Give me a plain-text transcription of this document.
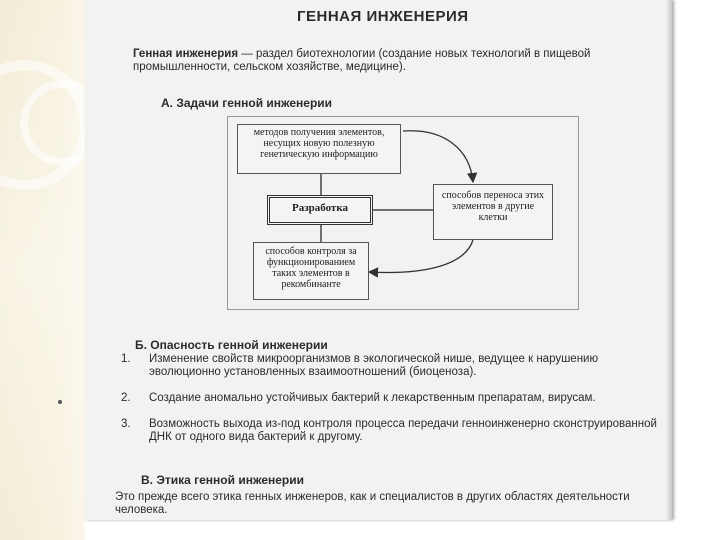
.
ГЕННАЯ ИНЖЕНЕРИЯ
Генная инженерия — раздел биотехнологии (создание новых технологий в пищевой промышленности, сельском хозяйстве, медицине).
А. Задачи генной инженерии
методов получения элементов, несущих новую полезную генетическую информацию
Разработка
способов переноса этих элементов в другие клетки
способов контроля за функционированием таких элементов в рекомбинанте
Б. Опасность генной инженерии
1. Изменение свойств микроорганизмов в экологической нише, ведущее к нарушению эволюционно установленных взаимоотношений (биоценоза).
2. Создание аномально устойчивых бактерий к лекарственным препаратам, вирусам.
3. Возможность выхода из-под контроля процесса передачи генноинженерно сконструированной ДНК от одного вида бактерий к другому.
В. Этика генной инженерии
Это прежде всего этика генных инженеров, как и специалистов в других областях деятельности человека.
